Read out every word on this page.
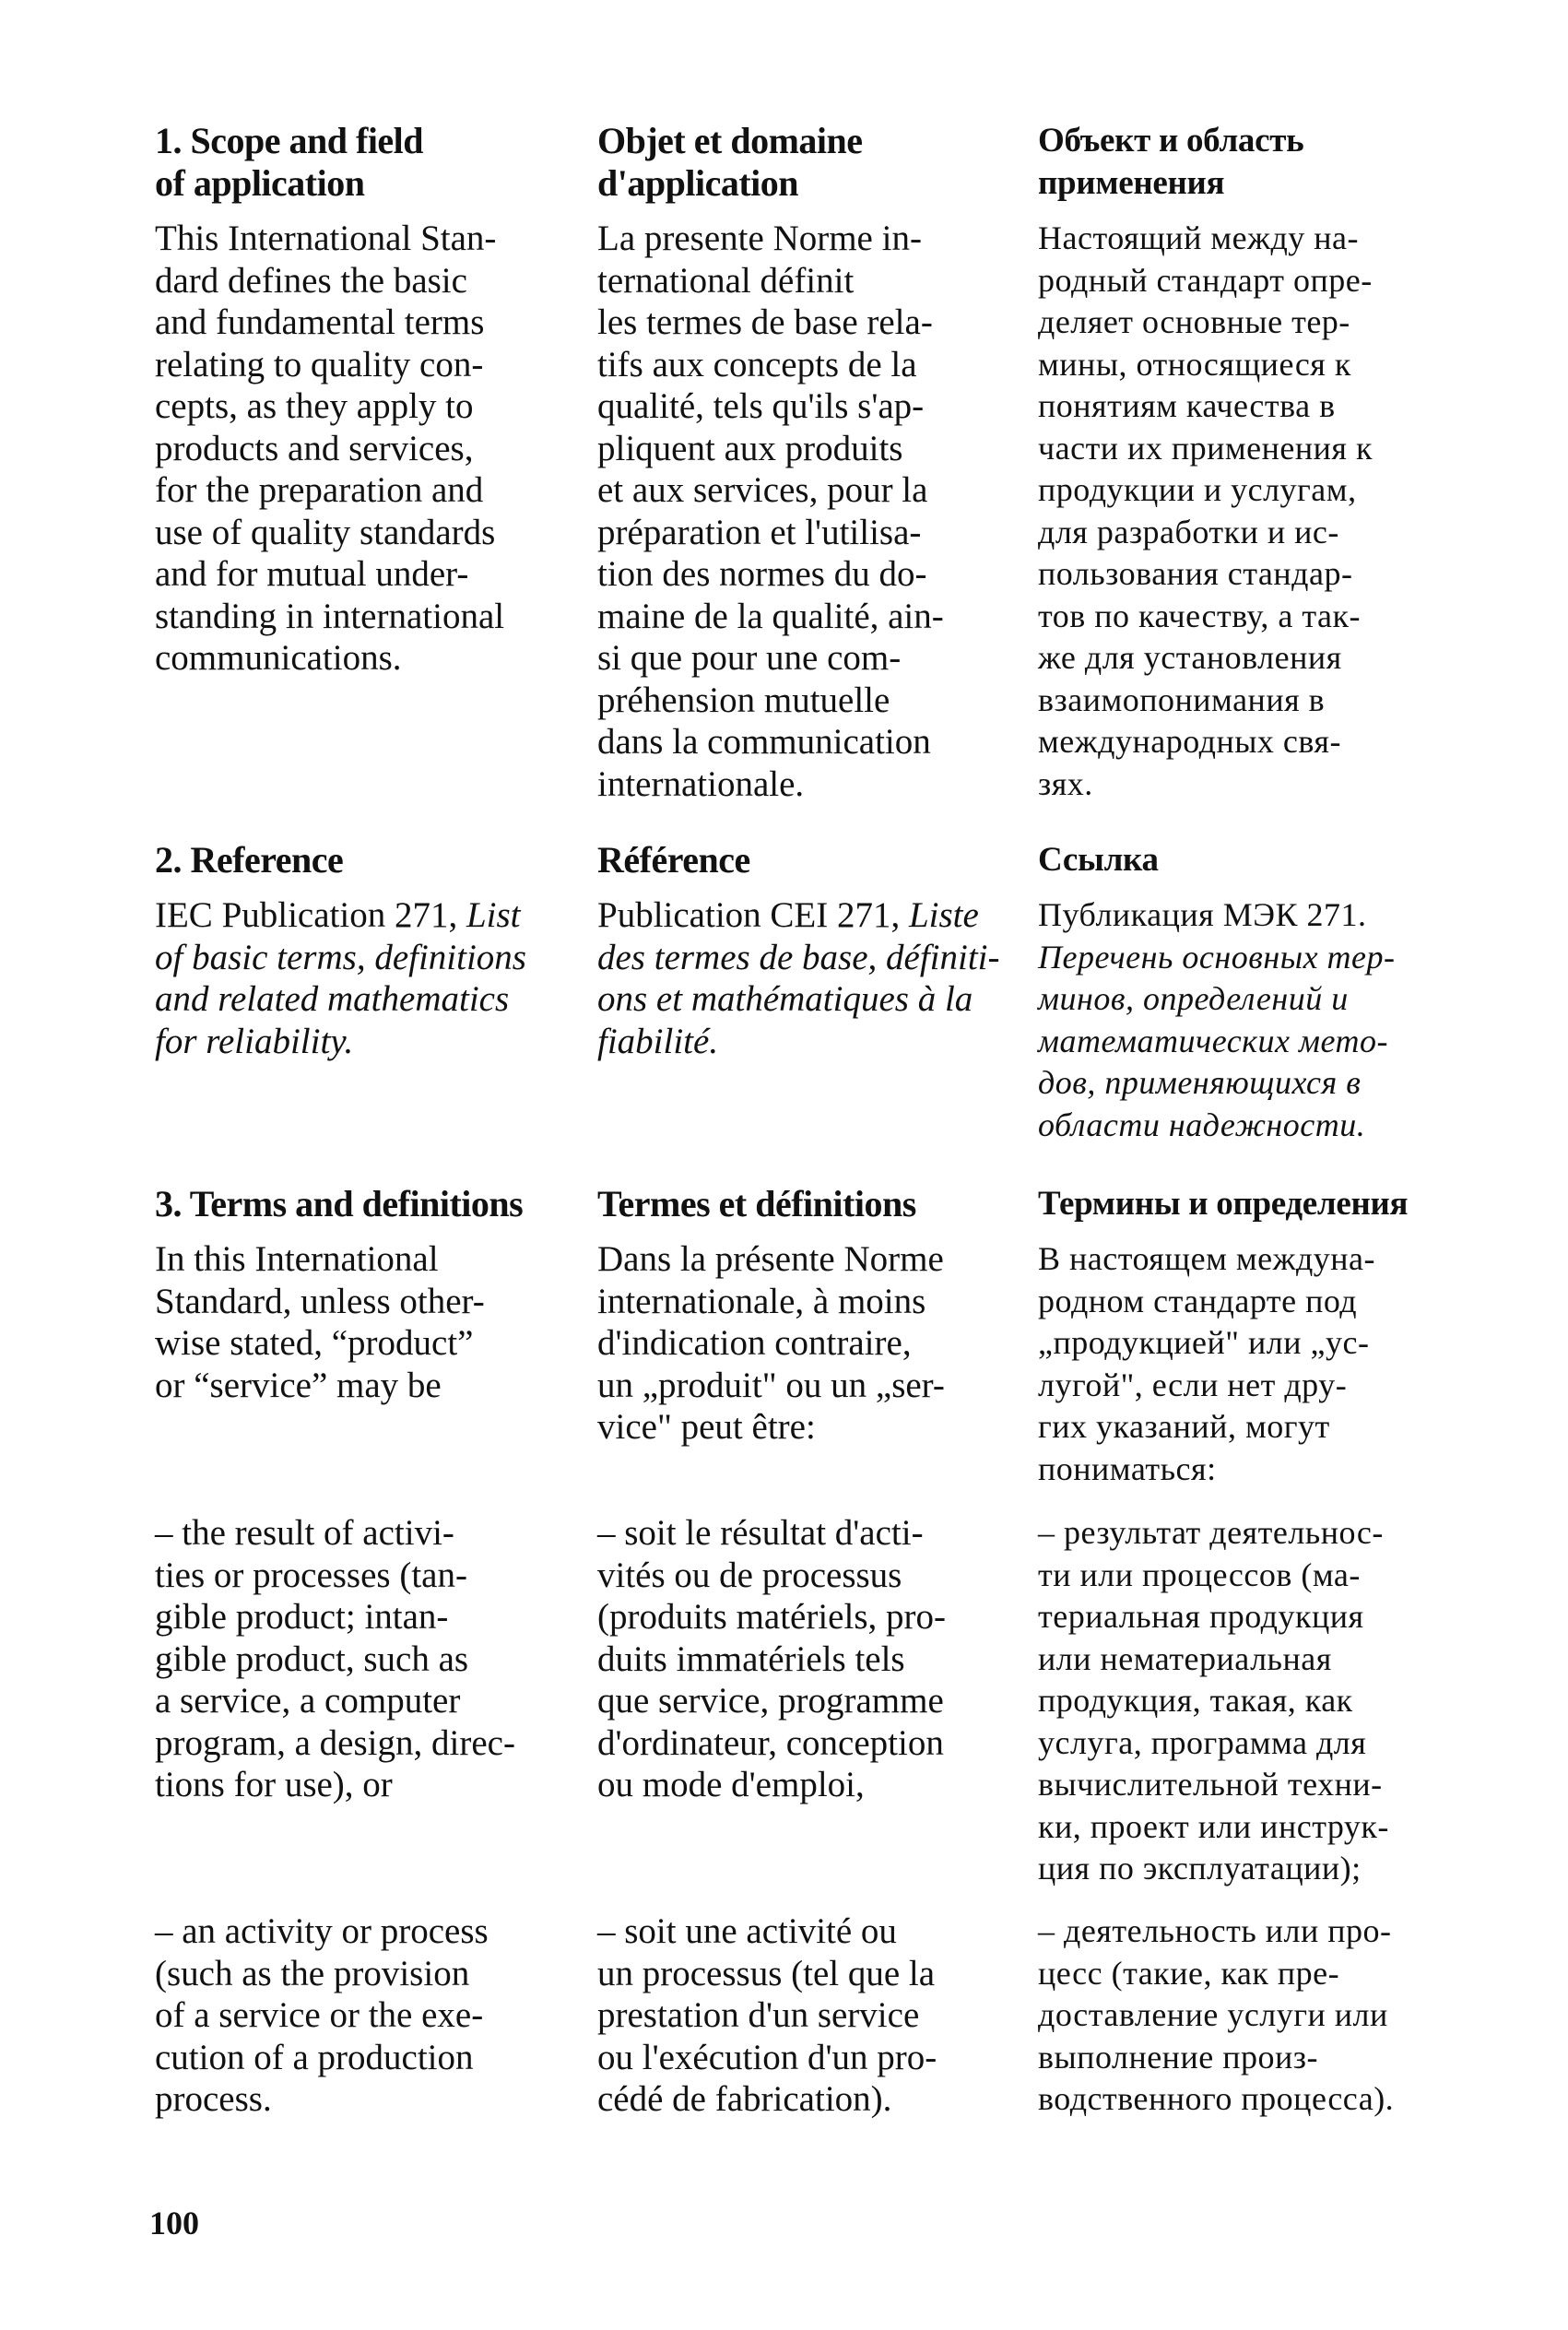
1. Scope and field
of application
This International Stan-
dard defines the basic
and fundamental terms
relating to quality con-
cepts, as they apply to
products and services,
for the preparation and
use of quality standards
and for mutual under-
standing in international
communications.
Objet et domaine
d'application
La presente Norme in-
ternational définit
les termes de base rela-
tifs aux concepts de la
qualité, tels qu'ils s'ap-
pliquent aux produits
et aux services, pour la
préparation et l'utilisa-
tion des normes du do-
maine de la qualité, ain-
si que pour une com-
préhension mutuelle
dans la communication
internationale.
Объект и область
применения
Настоящий между на-
родный стандарт опре-
деляет основные тер-
мины, относящиеся к
понятиям качества в
части их применения к
продукции и услугам,
для разработки и ис-
пользования стандар-
тов по качеству, а так-
же для установления
взаимопонимания в
международных свя-
зях.
2. Reference
IEC Publication 271, List
of basic terms, definitions
and related mathematics
for reliability.
Référence
Publication CEI 271, Liste
des termes de base, définiti-
ons et mathématiques à la
fiabilité.
Ссылка
Публикация МЭК 271.
Перечень основных тер-
минов, определений и
математических мето-
дов, применяющихся в
области надежности.
3. Terms and definitions
In this International
Standard, unless other-
wise stated, “product”
or “service” may be
Termes et définitions
Dans la présente Norme
internationale, à moins
d'indication contraire,
un „produit" ou un „ser-
vice" peut être:
Термины и определения
В настоящем междуна-
родном стандарте под
„продукцией" или „ус-
лугой", если нет дру-
гих указаний, могут
пониматься:
– the result of activi-
ties or processes (tan-
gible product; intan-
gible product, such as
a service, a computer
program, a design, direc-
tions for use), or
– soit le résultat d'acti-
vités ou de processus
(produits matériels, pro-
duits immatériels tels
que service, programme
d'ordinateur, conception
ou mode d'emploi,
– результат деятельнос-
ти или процессов (ма-
териальная продукция
или нематериальная
продукция, такая, как
услуга, программа для
вычислительной техни-
ки, проект или инструк-
ция по эксплуатации);
– an activity or process
(such as the provision
of a service or the exe-
cution of a production
process.
– soit une activité ou
un processus (tel que la
prestation d'un service
ou l'exécution d'un pro-
cédé de fabrication).
– деятельность или про-
цесс (такие, как пре-
доставление услуги или
выполнение произ-
водственного процесса).
100
